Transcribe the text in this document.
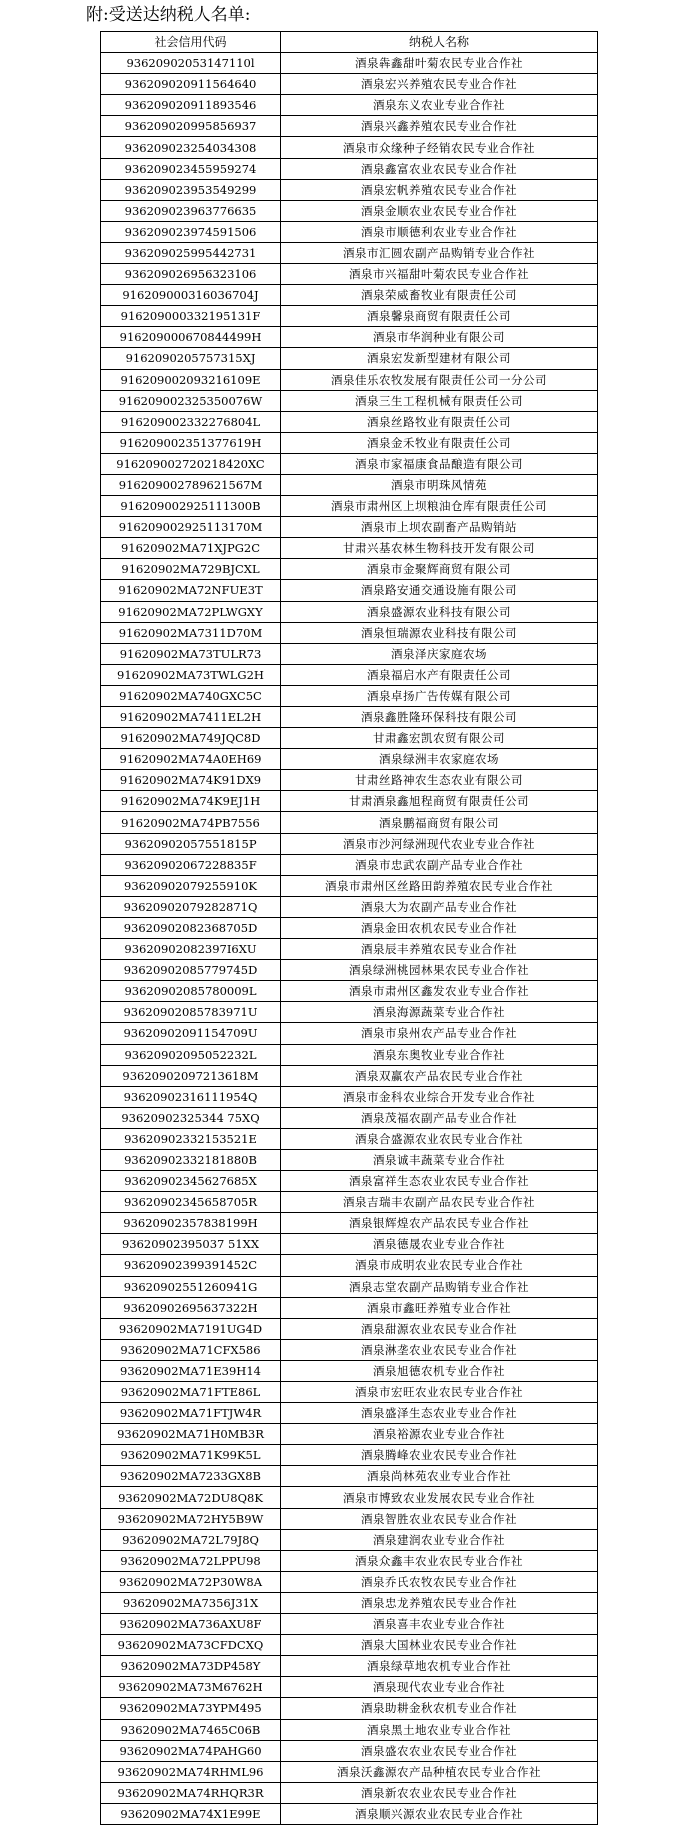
附:受送达纳税人名单:
社会信用代码	纳税人名称
93620902053147110l	酒泉犇鑫甜叶菊农民专业合作社
936209020911564640	酒泉宏兴养殖农民专业合作社
936209020911893546	酒泉东义农业专业合作社
936209020995856937	酒泉兴鑫养殖农民专业合作社
936209023254034308	酒泉市众缘种子经销农民专业合作社
936209023455959274	酒泉鑫富农业农民专业合作社
936209023953549299	酒泉宏帆养殖农民专业合作社
936209023963776635	酒泉金顺农业农民专业合作社
936209023974591506	酒泉市顺德利农业专业合作社
936209025995442731	酒泉市汇圆农副产品购销专业合作社
936209026956323106	酒泉市兴福甜叶菊农民专业合作社
916209000316036704J	酒泉荣威畜牧业有限责任公司
916209000332195131F	酒泉馨泉商贸有限责任公司
916209000670844499H	酒泉市华润种业有限公司
9162090205757315XJ	酒泉宏发新型建材有限公司
916209002093216109E	酒泉佳乐农牧发展有限责任公司一分公司
916209002325350076W	酒泉三生工程机械有限责任公司
916209002332276804L	酒泉丝路牧业有限责任公司
916209002351377619H	酒泉金禾牧业有限责任公司
916209002720218420XC	酒泉市家福康食品酿造有限公司
916209002789621567M	酒泉市明珠风情苑
916209002925111300B	酒泉市肃州区上坝粮油仓库有限责任公司
916209002925113170M	酒泉市上坝农副畜产品购销站
91620902MA71XJPG2C	甘肃兴基农林生物科技开发有限公司
91620902MA729BJCXL	酒泉市金聚辉商贸有限公司
91620902MA72NFUE3T	酒泉路安通交通设施有限公司
91620902MA72PLWGXY	酒泉盛源农业科技有限公司
91620902MA7311D70M	酒泉恒瑞源农业科技有限公司
91620902MA73TULR73	酒泉泽庆家庭农场
91620902MA73TWLG2H	酒泉福启水产有限责任公司
91620902MA740GXC5C	酒泉卓扬广告传媒有限公司
91620902MA7411EL2H	酒泉鑫胜隆环保科技有限公司
91620902MA749JQC8D	甘肃鑫宏凯农贸有限公司
91620902MA74A0EH69	酒泉绿洲丰农家庭农场
91620902MA74K91DX9	甘肃丝路神农生态农业有限公司
91620902MA74K9EJ1H	甘肃酒泉鑫旭程商贸有限责任公司
91620902MA74PB7556	酒泉鹏福商贸有限公司
93620902057551815P	酒泉市沙河绿洲现代农业专业合作社
93620902067228835F	酒泉市忠武农副产品专业合作社
93620902079255910K	酒泉市肃州区丝路田韵养殖农民专业合作社
93620902079282871Q	酒泉大为农副产品专业合作社
93620902082368705D	酒泉金田农机农民专业合作社
93620902082397I6XU	酒泉辰丰养殖农民专业合作社
93620902085779745D	酒泉绿洲桃园林果农民专业合作社
93620902085780009L	酒泉市肃州区鑫发农业专业合作社
93620902085783971U	酒泉海源蔬菜专业合作社
93620902091154709U	酒泉市泉州农产品专业合作社
93620902095052232L	酒泉东奥牧业专业合作社
93620902097213618M	酒泉双赢农产品农民专业合作社
93620902316111954Q	酒泉市金科农业综合开发专业合作社
93620902325344 75XQ	酒泉茂福农副产品专业合作社
93620902332153521E	酒泉合盛源农业农民专业合作社
93620902332181880B	酒泉诚丰蔬菜专业合作社
93620902345627685X	酒泉富祥生态农业农民专业合作社
93620902345658705R	酒泉吉瑞丰农副产品农民专业合作社
93620902357838199H	酒泉银辉煌农产品农民专业合作社
93620902395037 51XX	酒泉德晟农业专业合作社
93620902399391452C	酒泉市成明农业农民专业合作社
93620902551260941G	酒泉志堂农副产品购销专业合作社
93620902695637322H	酒泉市鑫旺养殖专业合作社
93620902MA7191UG4D	酒泉甜源农业农民专业合作社
93620902MA71CFX586	酒泉淋垄农业农民专业合作社
93620902MA71E39H14	酒泉旭德农机专业合作社
93620902MA71FTE86L	酒泉市宏旺农业农民专业合作社
93620902MA71FTJW4R	酒泉盛泽生态农业专业合作社
93620902MA71H0MB3R	酒泉裕源农业专业合作社
93620902MA71K99K5L	酒泉腾峰农业农民专业合作社
93620902MA7233GX8B	酒泉尚林苑农业专业合作社
93620902MA72DU8Q8K	酒泉市博致农业发展农民专业合作社
93620902MA72HY5B9W	酒泉智胜农业农民专业合作社
93620902MA72L79J8Q	酒泉建润农业专业合作社
93620902MA72LPPU98	酒泉众鑫丰农业农民专业合作社
93620902MA72P30W8A	酒泉乔氏农牧农民专业合作社
93620902MA7356J31X	酒泉忠龙养殖农民专业合作社
93620902MA736AXU8F	酒泉喜丰农业专业合作社
93620902MA73CFDCXQ	酒泉大国林业农民专业合作社
93620902MA73DP458Y	酒泉绿草地农机专业合作社
93620902MA73M6762H	酒泉现代农业专业合作社
93620902MA73YPM495	酒泉助耕金秋农机专业合作社
93620902MA7465C06B	酒泉黑土地农业专业合作社
93620902MA74PAHG60	酒泉盛农农业农民专业合作社
93620902MA74RHML96	酒泉沃鑫源农产品种植农民专业合作社
93620902MA74RHQR3R	酒泉新农农业农民专业合作社
93620902MA74X1E99E	酒泉顺兴源农业农民专业合作社
